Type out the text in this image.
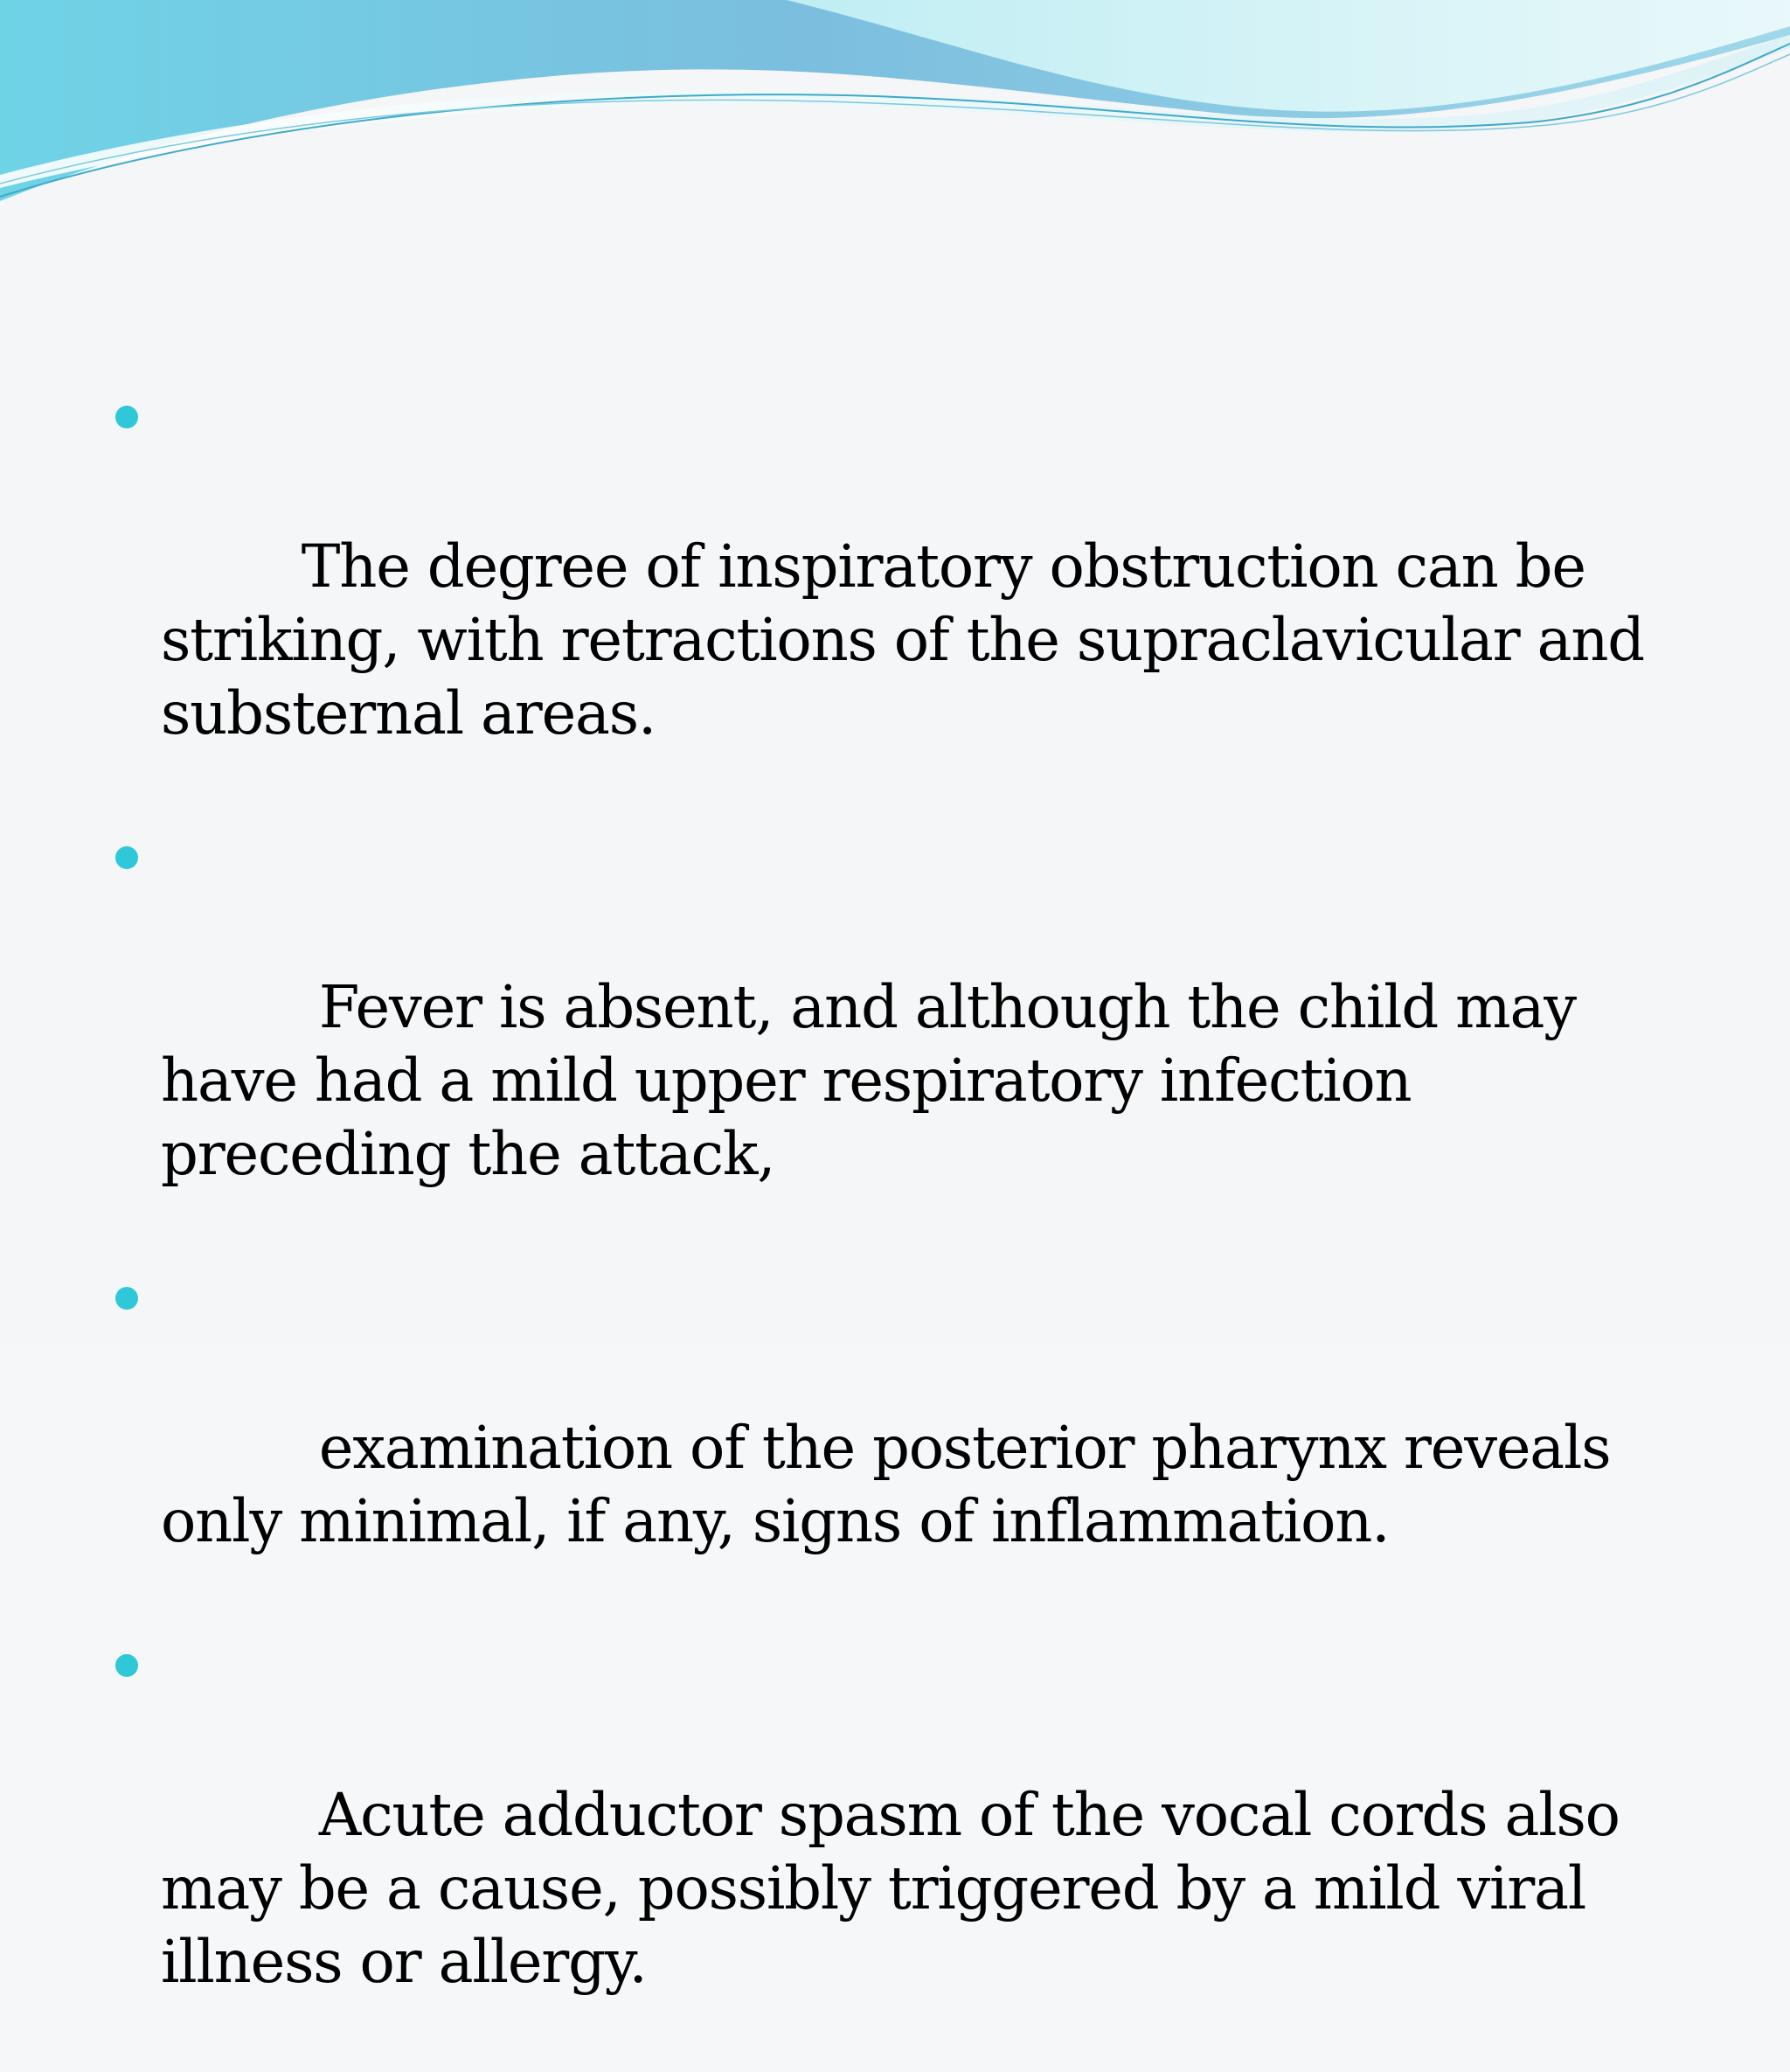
The degree of inspiratory obstruction can be striking, with retractions of the supraclavicular and substernal areas.

Fever is absent, and although the child may have had a mild upper respiratory infection preceding the attack,

examination of the posterior pharynx reveals only minimal, if any, signs of inflammation.

Acute adductor spasm of the vocal cords also may be a cause, possibly triggered by a mild viral illness or allergy.
